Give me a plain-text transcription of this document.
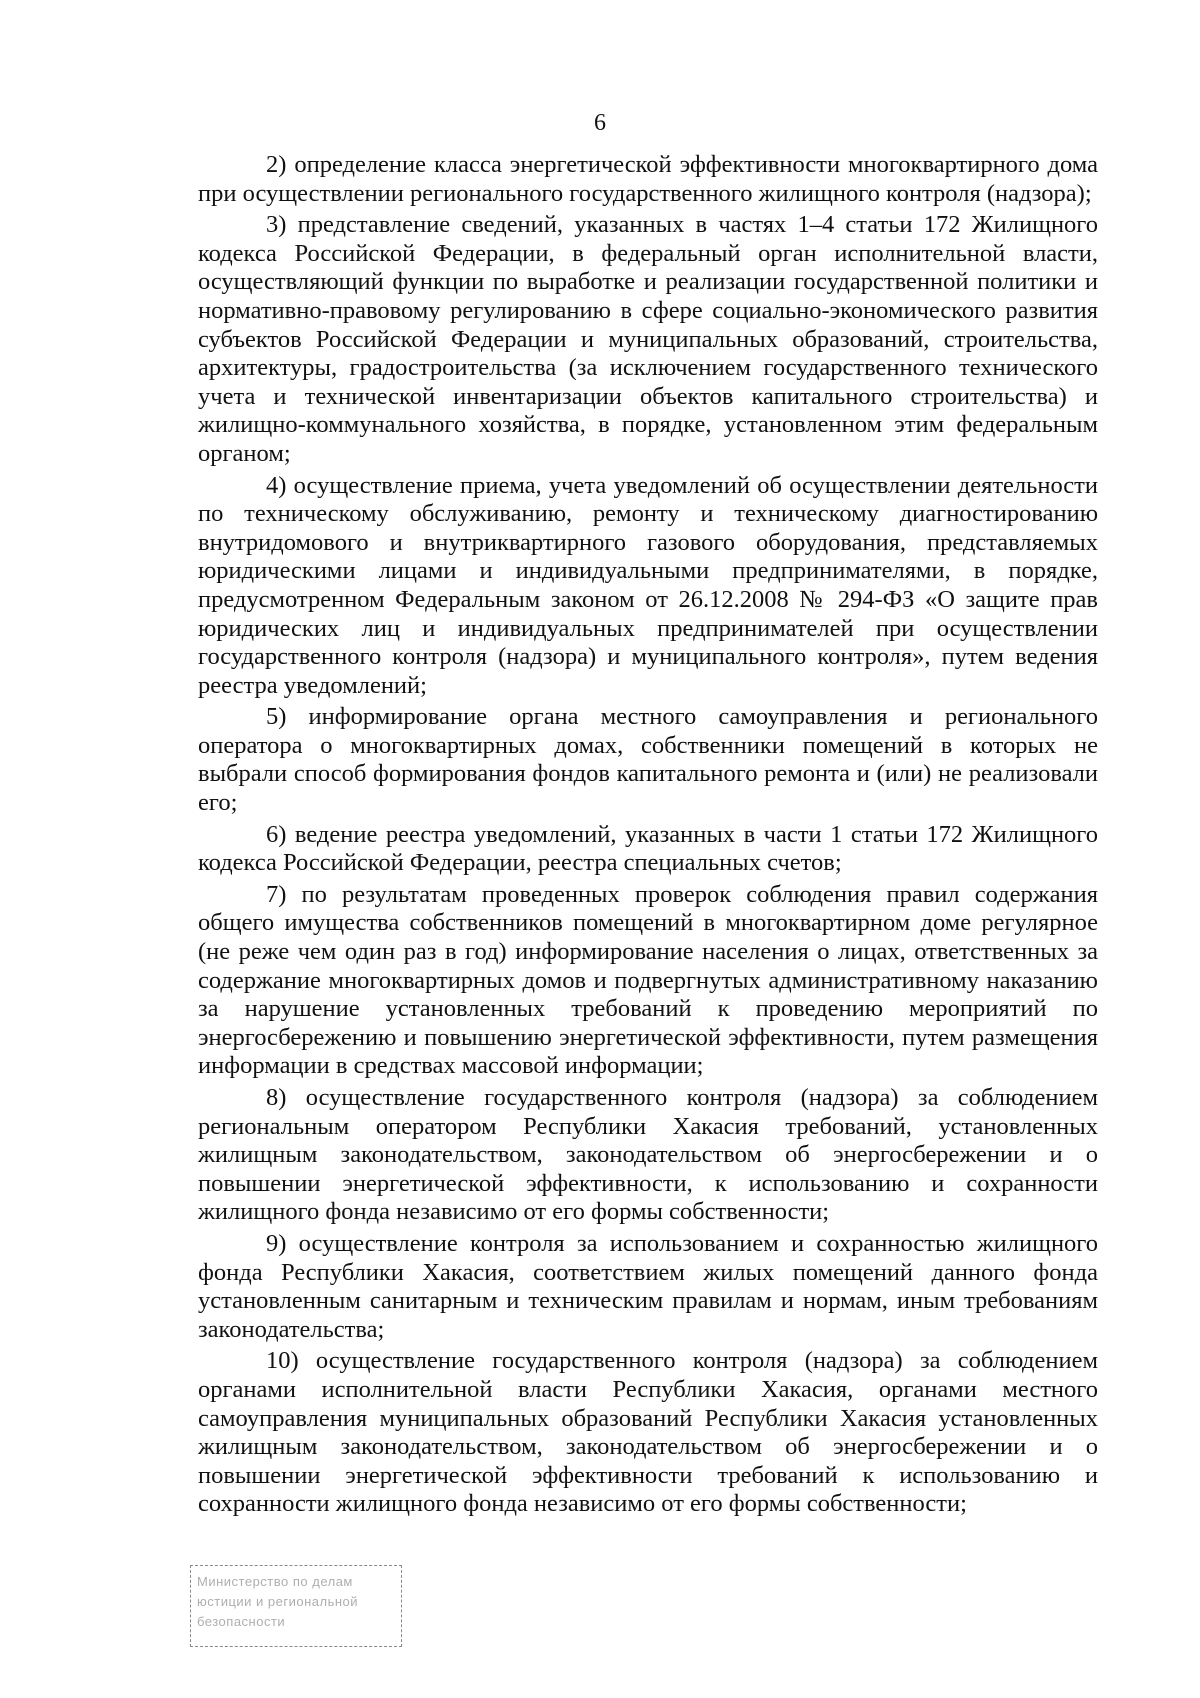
6

2) определение класса энергетической эффективности многоквартирного дома при осуществлении регионального государственного жилищного контроля (надзора);

3) представление сведений, указанных в частях 1–4 статьи 172 Жилищного кодекса Российской Федерации, в федеральный орган исполнительной власти, осуществляющий функции по выработке и реализации государственной политики и нормативно-правовому регулированию в сфере социально-экономического развития субъектов Российской Федерации и муниципальных образований, строительства, архитектуры, градостроительства (за исключением государственного технического учета и технической инвентаризации объектов капитального строительства) и жилищно-коммунального хозяйства, в порядке, установленном этим федеральным органом;

4) осуществление приема, учета уведомлений об осуществлении деятельности по техническому обслуживанию, ремонту и техническому диагностированию внутридомового и внутриквартирного газового оборудования, представляемых юридическими лицами и индивидуальными предпринимателями, в порядке, предусмотренном Федеральным законом от 26.12.2008 № 294-ФЗ «О защите прав юридических лиц и индивидуальных предпринимателей при осуществлении государственного контроля (надзора) и муниципального контроля», путем ведения реестра уведомлений;

5) информирование органа местного самоуправления и регионального оператора о многоквартирных домах, собственники помещений в которых не выбрали способ формирования фондов капитального ремонта и (или) не реализовали его;

6) ведение реестра уведомлений, указанных в части 1 статьи 172 Жилищного кодекса Российской Федерации, реестра специальных счетов;

7) по результатам проведенных проверок соблюдения правил содержания общего имущества собственников помещений в многоквартирном доме регулярное (не реже чем один раз в год) информирование населения о лицах, ответственных за содержание многоквартирных домов и подвергнутых административному наказанию за нарушение установленных требований к проведению мероприятий по энергосбережению и повышению энергетической эффективности, путем размещения информации в средствах массовой информации;

8) осуществление государственного контроля (надзора) за соблюдением региональным оператором Республики Хакасия требований, установленных жилищным законодательством, законодательством об энергосбережении и о повышении энергетической эффективности, к использованию и сохранности жилищного фонда независимо от его формы собственности;

9) осуществление контроля за использованием и сохранностью жилищного фонда Республики Хакасия, соответствием жилых помещений данного фонда установленным санитарным и техническим правилам и нормам, иным требованиям законодательства;

10) осуществление государственного контроля (надзора) за соблюдением органами исполнительной власти Республики Хакасия, органами местного самоуправления муниципальных образований Республики Хакасия установленных жилищным законодательством, законодательством об энергосбережении и о повышении энергетической эффективности требований к использованию и сохранности жилищного фонда независимо от его формы собственности;

Министерство по делам
юстиции и региональной
безопасности
